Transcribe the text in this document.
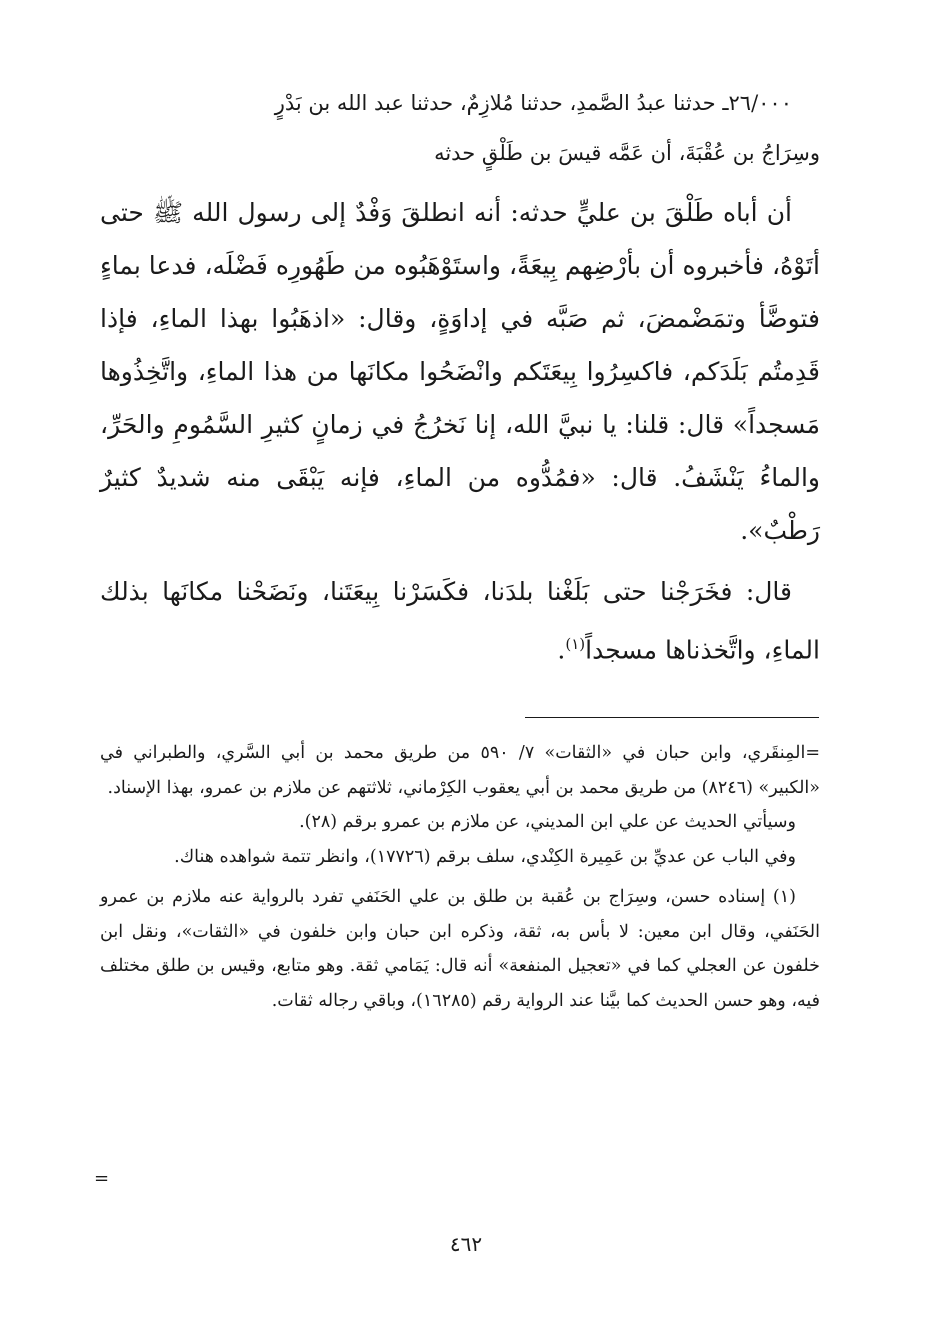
٢٦/٠٠٠ـ حدثنا عبدُ الصَّمدِ، حدثنا مُلازِمٌ، حدثنا عبد الله بن بَدْرٍ

وسِرَاجُ بن عُقْبَةَ، أن عَمَّه قيسَ بن طَلْقٍ حدثه

أن أباه طَلْقَ بن عليٍّ حدثه: أنه انطلقَ وَفْدٌ إلى رسول الله ﷺ حتى أتَوْهُ، فأخبروه أن بأرْضِهم بِيعَةً، واستَوْهَبُوه من طَهُورِه فَضْلَه، فدعا بماءٍ فتوضَّأ وتمَضْمضَ، ثم صَبَّه في إداوَةٍ، وقال: «اذهَبُوا بهذا الماءِ، فإذا قَدِمتُم بَلَدَكم، فاكسِرُوا بِيعَتَكم وانْضَحُوا مكانَها من هذا الماءِ، واتَّخِذُوها مَسجداً» قال: قلنا: يا نبيَّ الله، إنا نَخرُجُ في زمانٍ كثيرِ السَّمُومِ والحَرِّ، والماءُ يَنْشَفُ. قال: «فمُدُّوه من الماءِ، فإنه يَبْقَى منه شديدٌ كثيرٌ رَطْبٌ».

قال: فخَرَجْنا حتى بَلَغْنا بلدَنا، فكَسَرْنا بِيعَتَنا، ونَضَحْنا مكانَها بذلك الماءِ، واتَّخذناها مسجداً$^{(١)}$.

=المِنقَري، وابن حبان في «الثقات» ٧/ ٥٩٠ من طريق محمد بن أبي السَّري، والطبراني في «الكبير» (٨٢٤٦) من طريق محمد بن أبي يعقوب الكِرْماني، ثلاثتهم عن ملازم بن عمرو، بهذا الإسناد.

وسيأتي الحديث عن علي ابن المديني، عن ملازم بن عمرو برقم (٢٨).

وفي الباب عن عديِّ بن عَمِيرة الكِنْدي، سلف برقم (١٧٧٢٦)، وانظر تتمة شواهده هناك.

(١) إسناده حسن، وسِرَاج بن عُقبة بن طلق بن علي الحَنَفي تفرد بالرواية عنه ملازم بن عمرو الحَنَفي، وقال ابن معين: لا بأس به، ثقة، وذكره ابن حبان وابن خلفون في «الثقات»، ونقل ابن خلفون عن العجلي كما في «تعجيل المنفعة» أنه قال: يَمَامي ثقة. وهو متابع، وقيس بن طلق مختلف فيه، وهو حسن الحديث كما بيَّنا عند الرواية رقم (١٦٢٨٥)، وباقي رجاله ثقات.

=
٤٦٢
